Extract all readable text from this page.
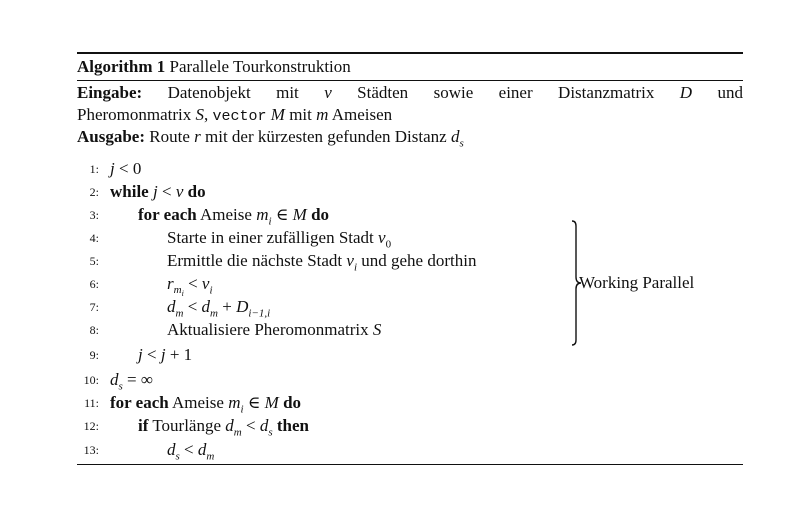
Algorithm 1 Parallele Tourkonstruktion
Eingabe: Datenobjekt mit v Städten sowie einer Distanzmatrix D und
Pheromonmatrix S, vector M mit m Ameisen
Ausgabe: Route r mit der kürzesten gefunden Distanz $d_s$
1: j < 0
2: while j < v do
3: for each Ameise $m_i$ ∈ M do
4:	Starte in einer zufälligen Stadt $v_0$
5:	Ermittle die nächste Stadt $v_i$ und gehe dorthin
6:	$r_{m_i} < v_i$
7:	$d_m < d_m + D_{i-1,i}$
8:	Aktualisiere Pheromonmatrix S
9: j < j + 1
10: $d_s$ = ∞
11: for each Ameise $m_i$ ∈ M do
12: if Tourlänge $d_m < d_s$ then
13:	$d_s < d_m$
Working Parallel
